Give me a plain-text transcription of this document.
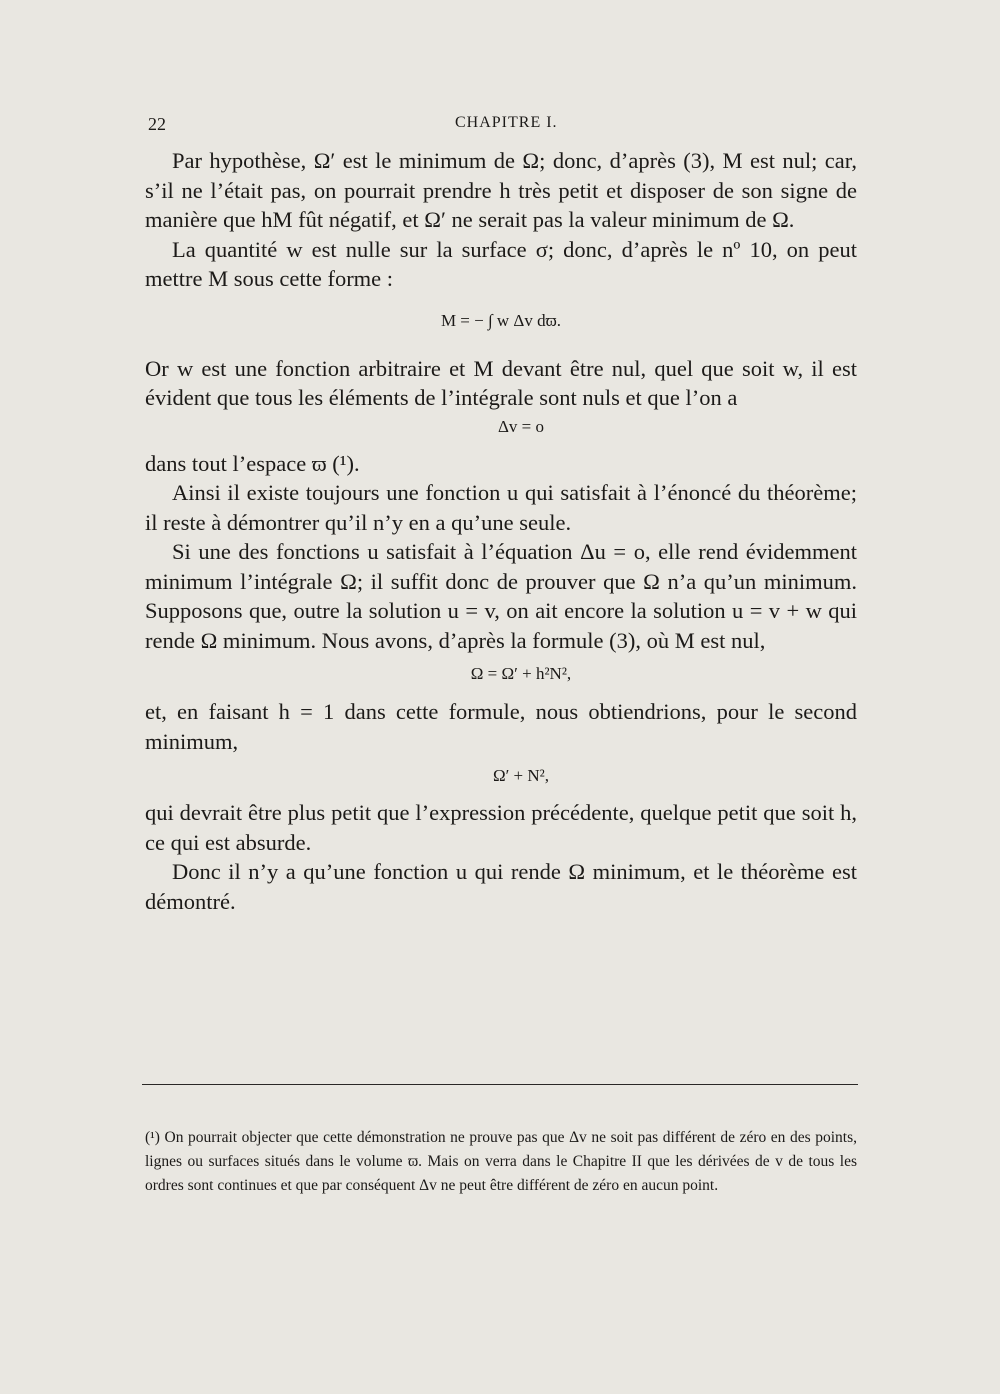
22	CHAPITRE I.

Par hypothèse, Ω′ est le minimum de Ω; donc, d’après (3), M est nul; car, s’il ne l’était pas, on pourrait prendre h très petit et disposer de son signe de manière que hM fût négatif, et Ω′ ne serait pas la valeur minimum de Ω.

La quantité w est nulle sur la surface σ; donc, d’après le nº 10, on peut mettre M sous cette forme :

M = − ∫ w Δv dϖ.

Or w est une fonction arbitraire et M devant être nul, quel que soit w, il est évident que tous les éléments de l’intégrale sont nuls et que l’on a

Δv = o

dans tout l’espace ϖ (¹).

Ainsi il existe toujours une fonction u qui satisfait à l’énoncé du théorème; il reste à démontrer qu’il n’y en a qu’une seule.

Si une des fonctions u satisfait à l’équation Δu = o, elle rend évidemment minimum l’intégrale Ω; il suffit donc de prouver que Ω n’a qu’un minimum. Supposons que, outre la solution u = v, on ait encore la solution u = v + w qui rende Ω minimum. Nous avons, d’après la formule (3), où M est nul,

Ω = Ω′ + h²N²,

et, en faisant h = 1 dans cette formule, nous obtiendrions, pour le second minimum,

Ω′ + N²,

qui devrait être plus petit que l’expression précédente, quelque petit que soit h, ce qui est absurde.

Donc il n’y a qu’une fonction u qui rende Ω minimum, et le théorème est démontré.

(¹) On pourrait objecter que cette démonstration ne prouve pas que Δv ne soit pas différent de zéro en des points, lignes ou surfaces situés dans le volume ϖ. Mais on verra dans le Chapitre II que les dérivées de v de tous les ordres sont continues et que par conséquent Δv ne peut être différent de zéro en aucun point.
